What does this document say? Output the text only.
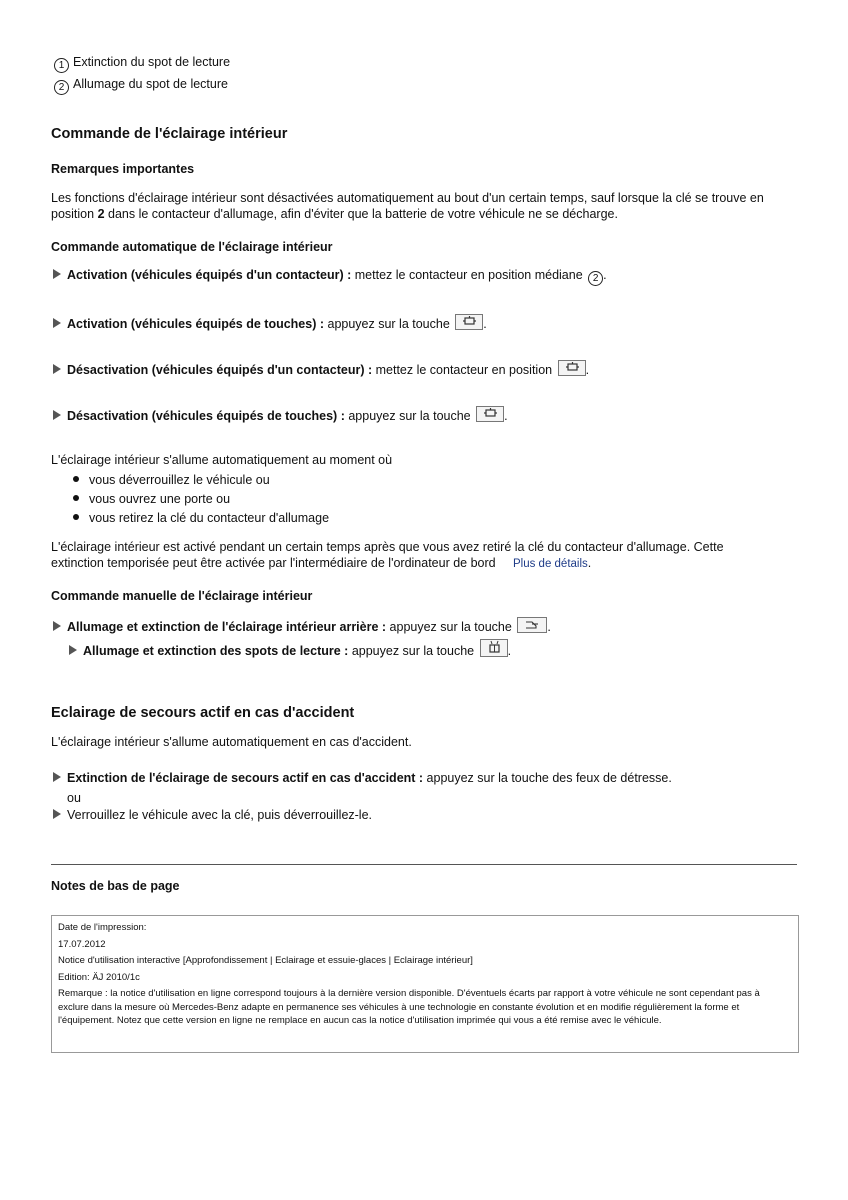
1 Extinction du spot de lecture
2 Allumage du spot de lecture
Commande de l'éclairage intérieur
Remarques importantes

Les fonctions d'éclairage intérieur sont désactivées automatiquement au bout d'un certain temps, sauf lorsque la clé se trouve en

position 2 dans le contacteur d'allumage, afin d'éviter que la batterie de votre véhicule ne se décharge.

Commande automatique de l'éclairage intérieur
Activation (véhicules équipés d'un contacteur) : mettez le contacteur en position médiane 2 .
Activation (véhicules équipés de touches) : appuyez sur la touche
.
Désactivation (véhicules équipés d'un contacteur) : mettez le contacteur en position
.
Désactivation (véhicules équipés de touches) : appuyez sur la touche
.

L'éclairage intérieur s'allume automatiquement au moment où

vous déverrouillez le véhicule ou
vous ouvrez une porte ou
vous retirez la clé du contacteur d'allumage

L'éclairage intérieur est activé pendant un certain temps après que vous avez retiré la clé du contacteur d'allumage. Cette

extinction temporisée peut être activée par l'intermédiaire de l'ordinateur de bord Plus de détails.

Commande manuelle de l'éclairage intérieur
Allumage et extinction de l'éclairage intérieur arrière : appuyez sur la touche	.
Allumage et extinction des spots de lecture : appuyez sur la touche
.
Eclairage de secours actif en cas d'accident

L'éclairage intérieur s'allume automatiquement en cas d'accident.

Extinction de l'éclairage de secours actif en cas d'accident : appuyez sur la touche des feux de détresse.

ou

Verrouillez le véhicule avec la clé, puis déverrouillez-le.
Notes de bas de page
Date de l'impression:
17.07.2012
Notice d'utilisation interactive [Approfondissement | Eclairage et essuie-glaces | Eclairage intérieur]
Edition: ÄJ 2010/1c
Remarque : la notice d'utilisation en ligne correspond toujours à la dernière version disponible. D'éventuels écarts par rapport à votre véhicule ne sont cependant pas à exclure dans la mesure où Mercedes-Benz adapte en permanence ses véhicules à une technologie en constante évolution et en modifie régulièrement la forme et l'équipement. Notez que cette version en ligne ne remplace en aucun cas la notice d'utilisation imprimée qui vous a été remise avec le véhicule.
